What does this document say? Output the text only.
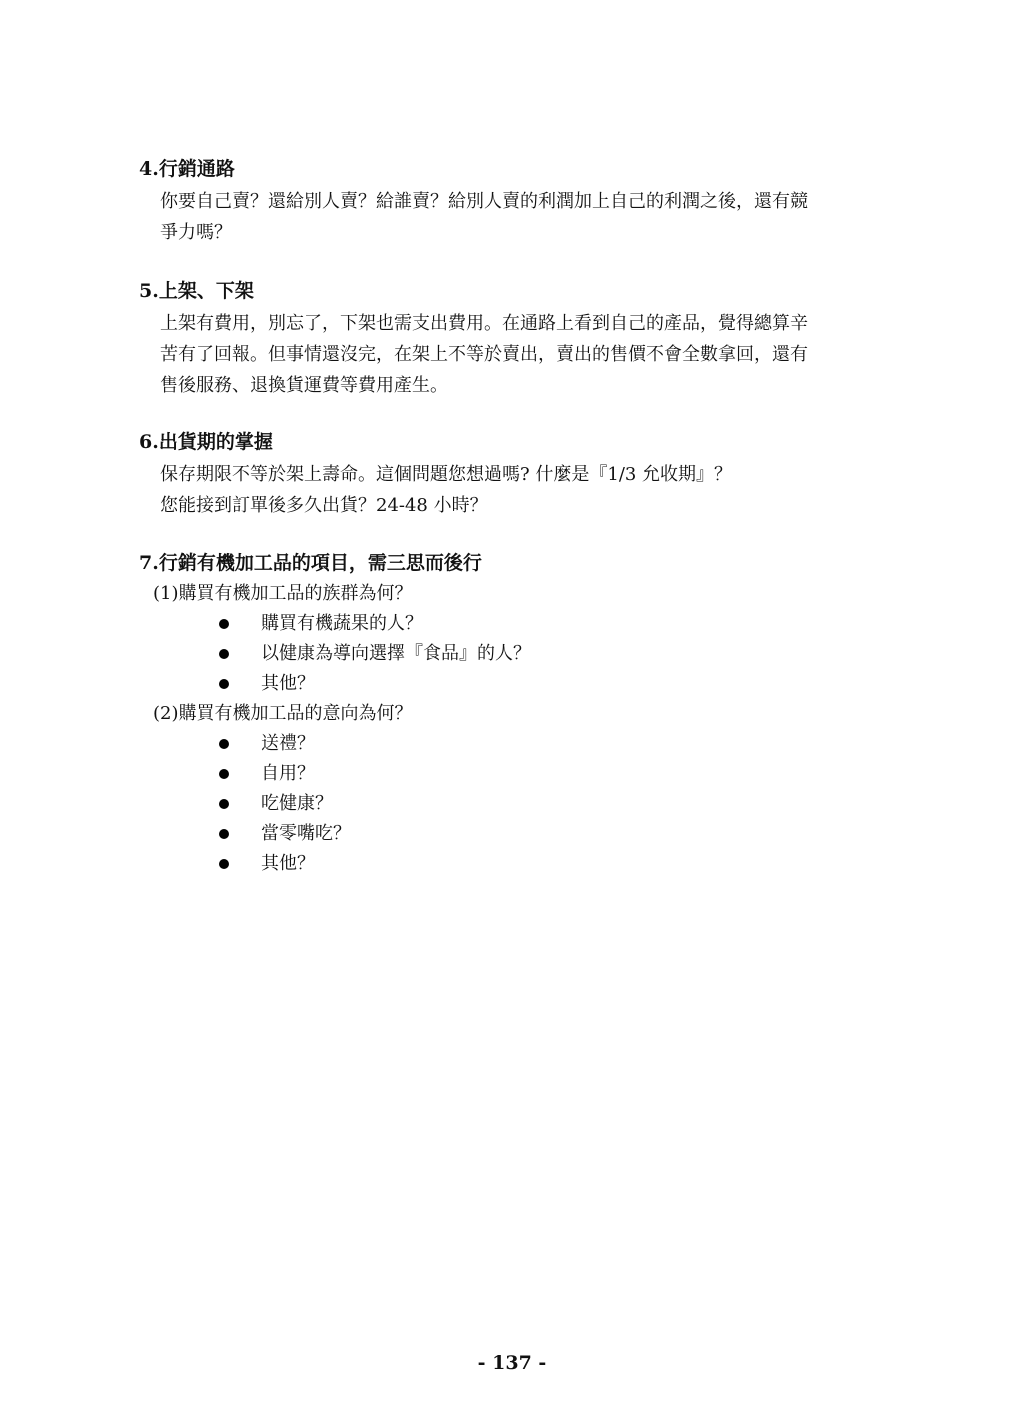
4.行銷通路

你要自己賣？還給別人賣？給誰賣？給別人賣的利潤加上自己的利潤之後，還有競
爭力嗎？

5.上架、下架

上架有費用，別忘了，下架也需支出費用。在通路上看到自己的產品，覺得總算辛
苦有了回報。但事情還沒完，在架上不等於賣出，賣出的售價不會全數拿回，還有
售後服務、退換貨運費等費用產生。

6.出貨期的掌握

保存期限不等於架上壽命。這個問題您想過嗎? 什麼是『1/3 允收期』？
您能接到訂單後多久出貨？24-48 小時？

7.行銷有機加工品的項目，需三思而後行
(1)購買有機加工品的族群為何？
購買有機蔬果的人？
以健康為導向選擇『食品』的人？
其他？
(2)購買有機加工品的意向為何？
送禮？
自用？
吃健康？
當零嘴吃？
其他？
- 137 -
